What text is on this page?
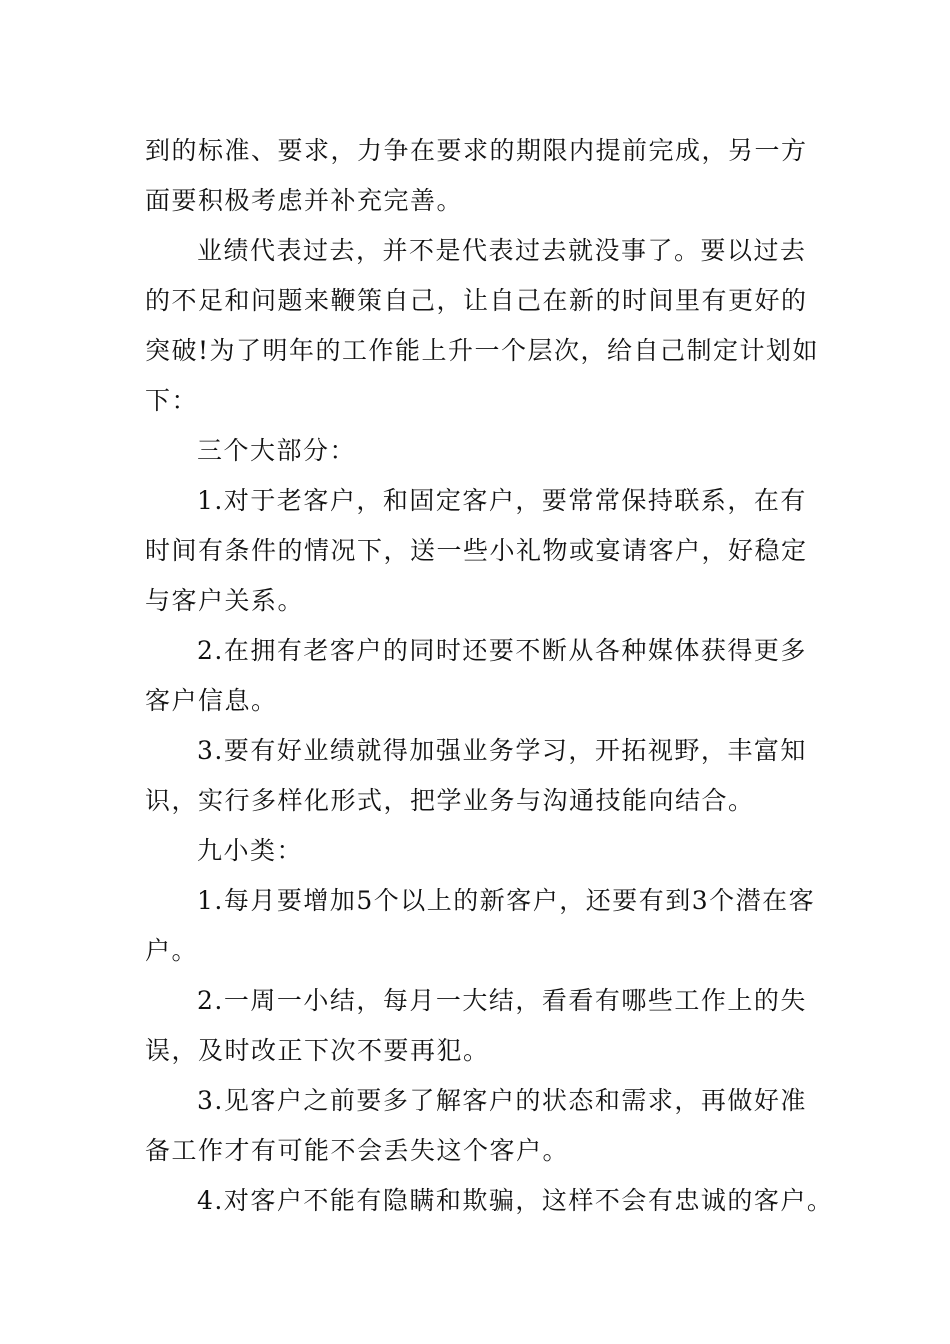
到的标准、要求，力争在要求的期限内提前完成，另一方
面要积极考虑并补充完善。
业绩代表过去，并不是代表过去就没事了。要以过去
的不足和问题来鞭策自己，让自己在新的时间里有更好的
突破!为了明年的工作能上升一个层次，给自己制定计划如
下：
三个大部分：
1.对于老客户，和固定客户，要常常保持联系，在有
时间有条件的情况下，送一些小礼物或宴请客户，好稳定
与客户关系。
2.在拥有老客户的同时还要不断从各种媒体获得更多
客户信息。
3.要有好业绩就得加强业务学习，开拓视野，丰富知
识，实行多样化形式，把学业务与沟通技能向结合。
九小类：
1.每月要增加5个以上的新客户，还要有到3个潜在客
户。
2.一周一小结，每月一大结，看看有哪些工作上的失
误，及时改正下次不要再犯。
3.见客户之前要多了解客户的状态和需求，再做好准
备工作才有可能不会丢失这个客户。
4.对客户不能有隐瞒和欺骗，这样不会有忠诚的客户。
